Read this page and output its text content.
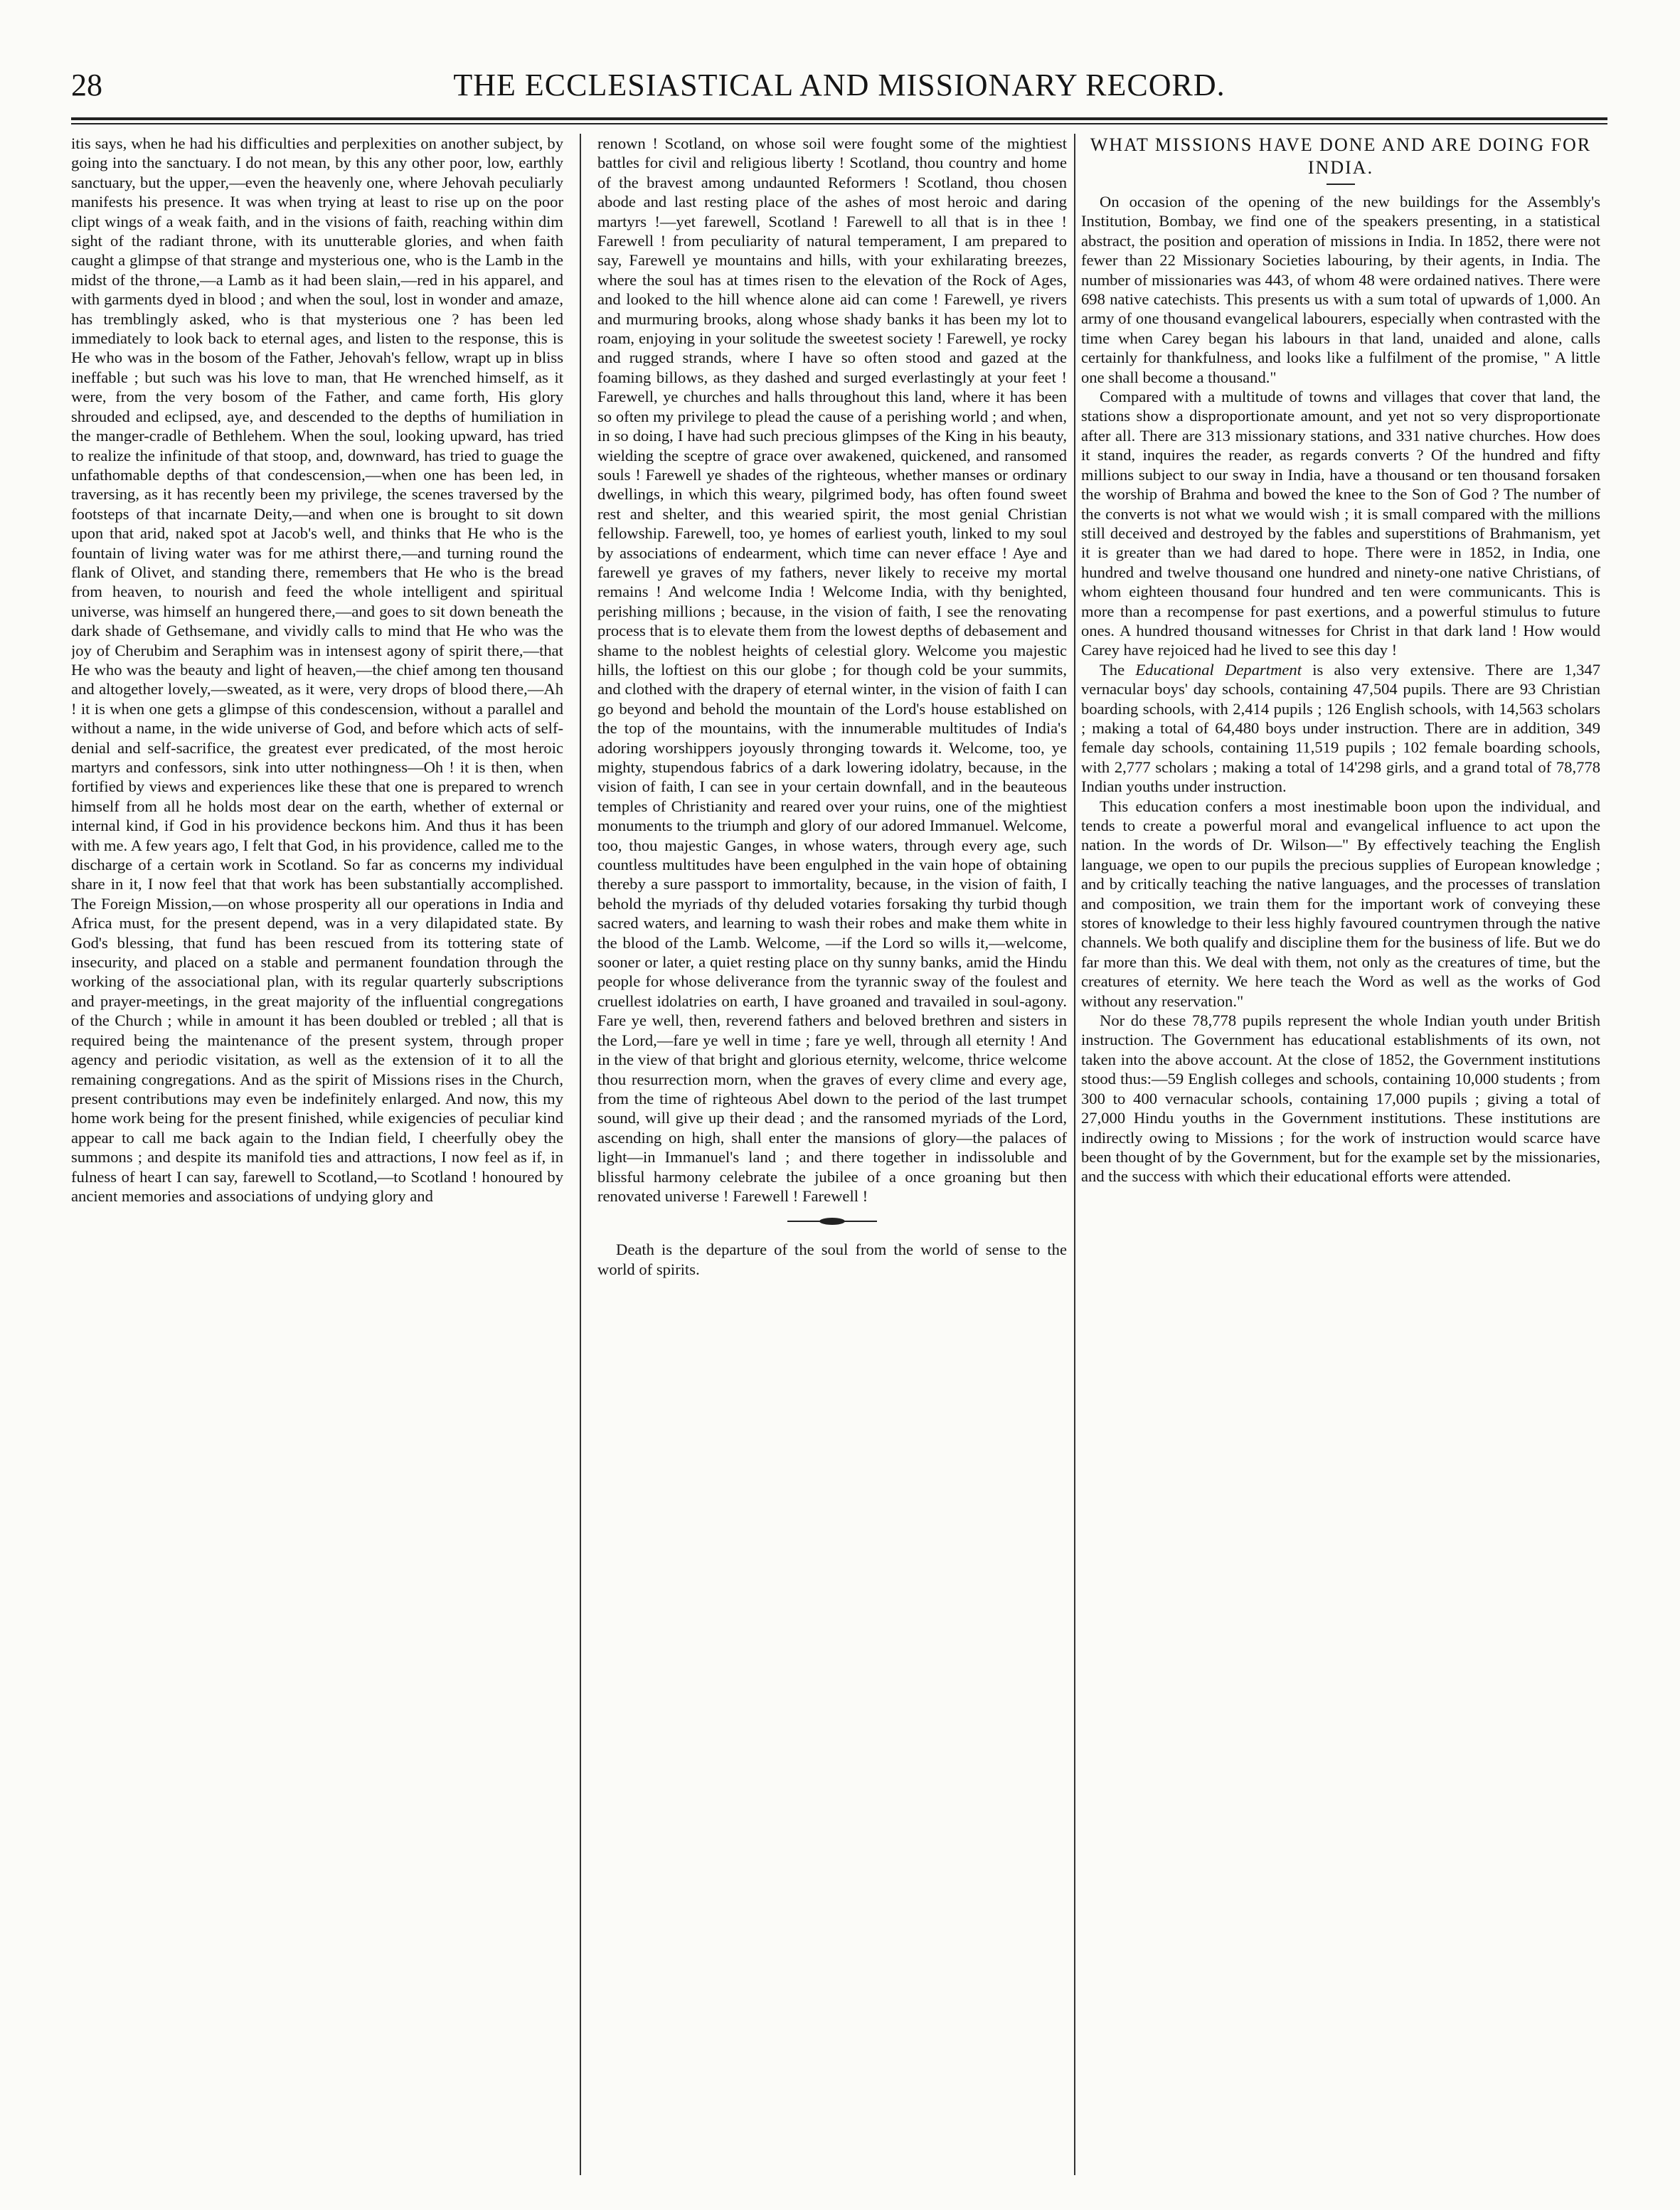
28	THE ECCLESIASTICAL AND MISSIONARY RECORD.

itis says, when he had his difficulties and perplexities on another subject, by going into the sanctuary. I do not mean, by this any other poor, low, earthly sanctuary, but the upper,—even the heavenly one, where Jehovah peculiarly manifests his presence. It was when trying at least to rise up on the poor clipt wings of a weak faith, and in the visions of faith, reaching within dim sight of the radiant throne, with its unutterable glories, and when faith caught a glimpse of that strange and mysterious one, who is the Lamb in the midst of the throne,—a Lamb as it had been slain,—red in his apparel, and with garments dyed in blood ; and when the soul, lost in wonder and amaze, has tremblingly asked, who is that mysterious one ? has been led immediately to look back to eternal ages, and listen to the response, this is He who was in the bosom of the Father, Jehovah's fellow, wrapt up in bliss ineffable ; but such was his love to man, that He wrenched himself, as it were, from the very bosom of the Father, and came forth, His glory shrouded and eclipsed, aye, and descended to the depths of humiliation in the manger-cradle of Bethlehem. When the soul, looking upward, has tried to realize the infinitude of that stoop, and, downward, has tried to guage the unfathomable depths of that condescension,—when one has been led, in traversing, as it has recently been my privilege, the scenes traversed by the footsteps of that incarnate Deity,—and when one is brought to sit down upon that arid, naked spot at Jacob's well, and thinks that He who is the fountain of living water was for me athirst there,—and turning round the flank of Olivet, and standing there, remembers that He who is the bread from heaven, to nourish and feed the whole intelligent and spiritual universe, was himself an hungered there,—and goes to sit down beneath the dark shade of Gethsemane, and vividly calls to mind that He who was the joy of Cherubim and Seraphim was in intensest agony of spirit there,—that He who was the beauty and light of heaven,—the chief among ten thousand and altogether lovely,—sweated, as it were, very drops of blood there,—Ah ! it is when one gets a glimpse of this condescension, without a parallel and without a name, in the wide universe of God, and before which acts of self-denial and self-sacrifice, the greatest ever predicated, of the most heroic martyrs and confessors, sink into utter nothingness—Oh ! it is then, when fortified by views and experiences like these that one is prepared to wrench himself from all he holds most dear on the earth, whether of external or internal kind, if God in his providence beckons him. And thus it has been with me. A few years ago, I felt that God, in his providence, called me to the discharge of a certain work in Scotland. So far as concerns my individual share in it, I now feel that that work has been substantially accomplished. The Foreign Mission,—on whose prosperity all our operations in India and Africa must, for the present depend, was in a very dilapidated state. By God's blessing, that fund has been rescued from its tottering state of insecurity, and placed on a stable and permanent foundation through the working of the associational plan, with its regular quarterly subscriptions and prayer-meetings, in the great majority of the influential congregations of the Church ; while in amount it has been doubled or trebled ; all that is required being the maintenance of the present system, through proper agency and periodic visitation, as well as the extension of it to all the remaining congregations. And as the spirit of Missions rises in the Church, present contributions may even be indefinitely enlarged. And now, this my home work being for the present finished, while exigencies of peculiar kind appear to call me back again to the Indian field, I cheerfully obey the summons ; and despite its manifold ties and attractions, I now feel as if, in fulness of heart I can say, farewell to Scotland,—to Scotland ! honoured by ancient memories and associations of undying glory and

renown ! Scotland, on whose soil were fought some of the mightiest battles for civil and religious liberty ! Scotland, thou country and home of the bravest among undaunted Reformers ! Scotland, thou chosen abode and last resting place of the ashes of most heroic and daring martyrs !—yet farewell, Scotland ! Farewell to all that is in thee ! Farewell ! from peculiarity of natural temperament, I am prepared to say, Farewell ye mountains and hills, with your exhilarating breezes, where the soul has at times risen to the elevation of the Rock of Ages, and looked to the hill whence alone aid can come ! Farewell, ye rivers and murmuring brooks, along whose shady banks it has been my lot to roam, enjoying in your solitude the sweetest society ! Farewell, ye rocky and rugged strands, where I have so often stood and gazed at the foaming billows, as they dashed and surged everlastingly at your feet ! Farewell, ye churches and halls throughout this land, where it has been so often my privilege to plead the cause of a perishing world ; and when, in so doing, I have had such precious glimpses of the King in his beauty, wielding the sceptre of grace over awakened, quickened, and ransomed souls ! Farewell ye shades of the righteous, whether manses or ordinary dwellings, in which this weary, pilgrimed body, has often found sweet rest and shelter, and this wearied spirit, the most genial Christian fellowship. Farewell, too, ye homes of earliest youth, linked to my soul by associations of endearment, which time can never efface ! Aye and farewell ye graves of my fathers, never likely to receive my mortal remains ! And welcome India ! Welcome India, with thy benighted, perishing millions ; because, in the vision of faith, I see the renovating process that is to elevate them from the lowest depths of debasement and shame to the noblest heights of celestial glory. Welcome you majestic hills, the loftiest on this our globe ; for though cold be your summits, and clothed with the drapery of eternal winter, in the vision of faith I can go beyond and behold the mountain of the Lord's house established on the top of the mountains, with the innumerable multitudes of India's adoring worshippers joyously thronging towards it. Welcome, too, ye mighty, stupendous fabrics of a dark lowering idolatry, because, in the vision of faith, I can see in your certain downfall, and in the beauteous temples of Christianity and reared over your ruins, one of the mightiest monuments to the triumph and glory of our adored Immanuel. Welcome, too, thou majestic Ganges, in whose waters, through every age, such countless multitudes have been engulphed in the vain hope of obtaining thereby a sure passport to immortality, because, in the vision of faith, I behold the myriads of thy deluded votaries forsaking thy turbid though sacred waters, and learning to wash their robes and make them white in the blood of the Lamb. Welcome, —if the Lord so wills it,—welcome, sooner or later, a quiet resting place on thy sunny banks, amid the Hindu people for whose deliverance from the tyrannic sway of the foulest and cruellest idolatries on earth, I have groaned and travailed in soul-agony. Fare ye well, then, reverend fathers and beloved brethren and sisters in the Lord,—fare ye well in time ; fare ye well, through all eternity ! And in the view of that bright and glorious eternity, welcome, thrice welcome thou resurrection morn, when the graves of every clime and every age, from the time of righteous Abel down to the period of the last trumpet sound, will give up their dead ; and the ransomed myriads of the Lord, ascending on high, shall enter the mansions of glory—the palaces of light—in Immanuel's land ; and there together in indissoluble and blissful harmony celebrate the jubilee of a once groaning but then renovated universe ! Farewell ! Farewell !

Death is the departure of the soul from the world of sense to the world of spirits.

WHAT MISSIONS HAVE DONE AND ARE DOING FOR INDIA.

On occasion of the opening of the new buildings for the Assembly's Institution, Bombay, we find one of the speakers presenting, in a statistical abstract, the position and operation of missions in India. In 1852, there were not fewer than 22 Missionary Societies labouring, by their agents, in India. The number of missionaries was 443, of whom 48 were ordained natives. There were 698 native catechists. This presents us with a sum total of upwards of 1,000. An army of one thousand evangelical labourers, especially when contrasted with the time when Carey began his labours in that land, unaided and alone, calls certainly for thankfulness, and looks like a fulfilment of the promise, " A little one shall become a thousand."

Compared with a multitude of towns and villages that cover that land, the stations show a disproportionate amount, and yet not so very disproportionate after all. There are 313 missionary stations, and 331 native churches. How does it stand, inquires the reader, as regards converts ? Of the hundred and fifty millions subject to our sway in India, have a thousand or ten thousand forsaken the worship of Brahma and bowed the knee to the Son of God ? The number of the converts is not what we would wish ; it is small compared with the millions still deceived and destroyed by the fables and superstitions of Brahmanism, yet it is greater than we had dared to hope. There were in 1852, in India, one hundred and twelve thousand one hundred and ninety-one native Christians, of whom eighteen thousand four hundred and ten were communicants. This is more than a recompense for past exertions, and a powerful stimulus to future ones. A hundred thousand witnesses for Christ in that dark land ! How would Carey have rejoiced had he lived to see this day !

The Educational Department is also very extensive. There are 1,347 vernacular boys' day schools, containing 47,504 pupils. There are 93 Christian boarding schools, with 2,414 pupils ; 126 English schools, with 14,563 scholars ; making a total of 64,480 boys under instruction. There are in addition, 349 female day schools, containing 11,519 pupils ; 102 female boarding schools, with 2,777 scholars ; making a total of 14'298 girls, and a grand total of 78,778 Indian youths under instruction.

This education confers a most inestimable boon upon the individual, and tends to create a powerful moral and evangelical influence to act upon the nation. In the words of Dr. Wilson—" By effectively teaching the English language, we open to our pupils the precious supplies of European knowledge ; and by critically teaching the native languages, and the processes of translation and composition, we train them for the important work of conveying these stores of knowledge to their less highly favoured countrymen through the native channels. We both qualify and discipline them for the business of life. But we do far more than this. We deal with them, not only as the creatures of time, but the creatures of eternity. We here teach the Word as well as the works of God without any reservation."

Nor do these 78,778 pupils represent the whole Indian youth under British instruction. The Government has educational establishments of its own, not taken into the above account. At the close of 1852, the Government institutions stood thus:—59 English colleges and schools, containing 10,000 students ; from 300 to 400 vernacular schools, containing 17,000 pupils ; giving a total of 27,000 Hindu youths in the Government institutions. These institutions are indirectly owing to Missions ; for the work of instruction would scarce have been thought of by the Government, but for the example set by the missionaries, and the success with which their educational efforts were attended.
